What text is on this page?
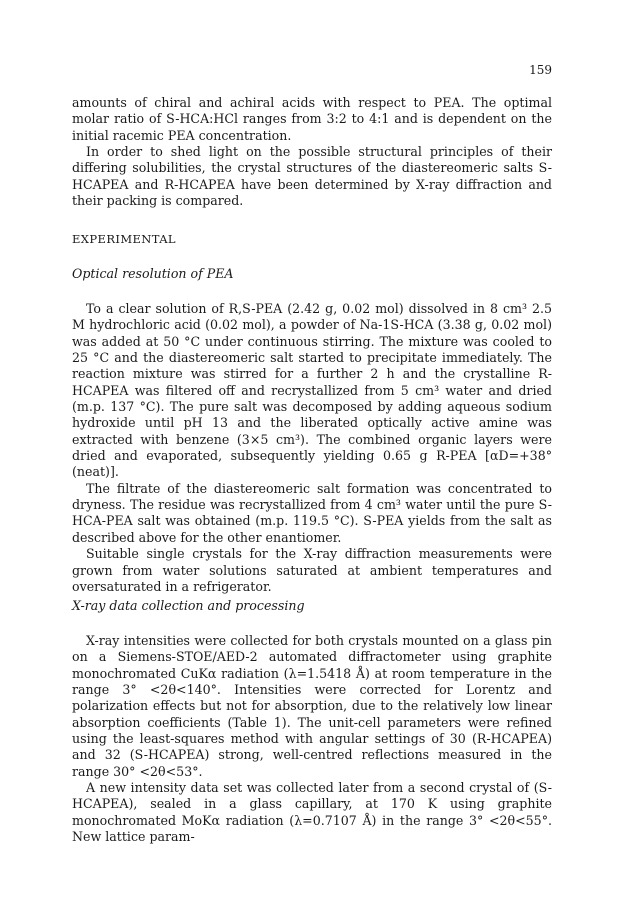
159

amounts of chiral and achiral acids with respect to PEA. The optimal molar ratio of S-HCA:HCl ranges from 3:2 to 4:1 and is dependent on the initial racemic PEA concentration.

In order to shed light on the possible structural principles of their differing solubilities, the crystal structures of the diastereomeric salts S-HCAPEA and R-HCAPEA have been determined by X-ray diffraction and their packing is compared.

EXPERIMENTAL
Optical resolution of PEA

To a clear solution of R,S-PEA (2.42 g, 0.02 mol) dissolved in 8 cm³ 2.5 M hydrochloric acid (0.02 mol), a powder of Na-1S-HCA (3.38 g, 0.02 mol) was added at 50 °C under continuous stirring. The mixture was cooled to 25 °C and the diastereomeric salt started to precipitate immediately. The reaction mixture was stirred for a further 2 h and the crystalline R-HCAPEA was filtered off and recrystallized from 5 cm³ water and dried (m.p. 137 °C). The pure salt was decomposed by adding aqueous sodium hydroxide until pH 13 and the liberated optically active amine was extracted with benzene (3×5 cm³). The combined organic layers were dried and evaporated, subsequently yielding 0.65 g R-PEA [αD=+38° (neat)].

The filtrate of the diastereomeric salt formation was concentrated to dryness. The residue was recrystallized from 4 cm³ water until the pure S-HCA-PEA salt was obtained (m.p. 119.5 °C). S-PEA yields from the salt as described above for the other enantiomer.

Suitable single crystals for the X-ray diffraction measurements were grown from water solutions saturated at ambient temperatures and oversaturated in a refrigerator.

X-ray data collection and processing

X-ray intensities were collected for both crystals mounted on a glass pin on a Siemens-STOE/AED-2 automated diffractometer using graphite monochromated CuKα radiation (λ=1.5418 Å) at room temperature in the range 3° <2θ<140°. Intensities were corrected for Lorentz and polarization effects but not for absorption, due to the relatively low linear absorption coefficients (Table 1). The unit-cell parameters were refined using the least-squares method with angular settings of 30 (R-HCAPEA) and 32 (S-HCAPEA) strong, well-centred reflections measured in the range 30° <2θ<53°.

A new intensity data set was collected later from a second crystal of (S-HCAPEA), sealed in a glass capillary, at 170 K using graphite monochromated MoKα radiation (λ=0.7107 Å) in the range 3° <2θ<55°. New lattice param-
